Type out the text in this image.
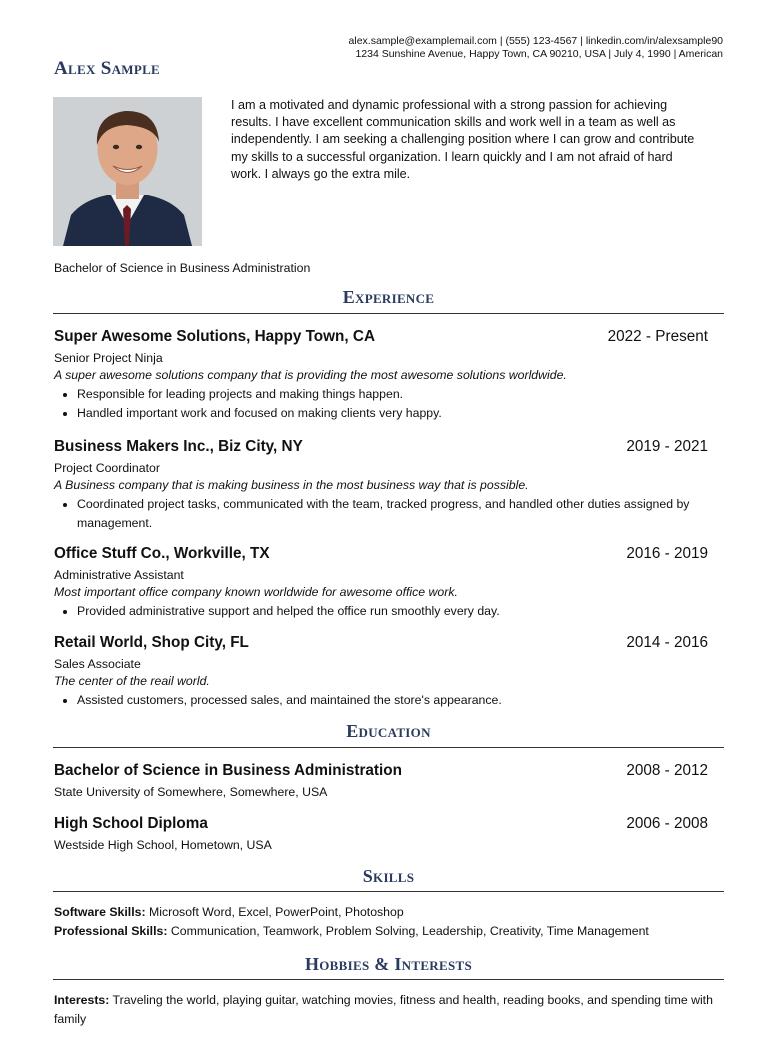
alex.sample@examplemail.com | (555) 123-4567 | linkedin.com/in/alexsample90
1234 Sunshine Avenue, Happy Town, CA 90210, USA | July 4, 1990 | American
Alex Sample

I am a motivated and dynamic professional with a strong passion for achieving results. I have excellent communication skills and work well in a team as well as independently. I am seeking a challenging position where I can grow and contribute my skills to a successful organization. I learn quickly and I am not afraid of hard work. I always go the extra mile.

Bachelor of Science in Business Administration
Experience
Super Awesome Solutions, Happy Town, CA	2022 - Present
Senior Project Ninja
A super awesome solutions company that is providing the most awesome solutions worldwide.
• Responsible for leading projects and making things happen.
• Handled important work and focused on making clients very happy.
Business Makers Inc., Biz City, NY	2019 - 2021
Project Coordinator
A Business company that is making business in the most business way that is possible.
• Coordinated project tasks, communicated with the team, tracked progress, and handled other duties assigned by management.
Office Stuff Co., Workville, TX	2016 - 2019
Administrative Assistant
Most important office company known worldwide for awesome office work.
• Provided administrative support and helped the office run smoothly every day.
Retail World, Shop City, FL	2014 - 2016
Sales Associate
The center of the reail world.
• Assisted customers, processed sales, and maintained the store's appearance.
Education
Bachelor of Science in Business Administration	2008 - 2012
State University of Somewhere, Somewhere, USA
High School Diploma	2006 - 2008
Westside High School, Hometown, USA
Skills
Software Skills: Microsoft Word, Excel, PowerPoint, Photoshop
Professional Skills: Communication, Teamwork, Problem Solving, Leadership, Creativity, Time Management
Hobbies & Interests
Interests: Traveling the world, playing guitar, watching movies, fitness and health, reading books, and spending time with family
